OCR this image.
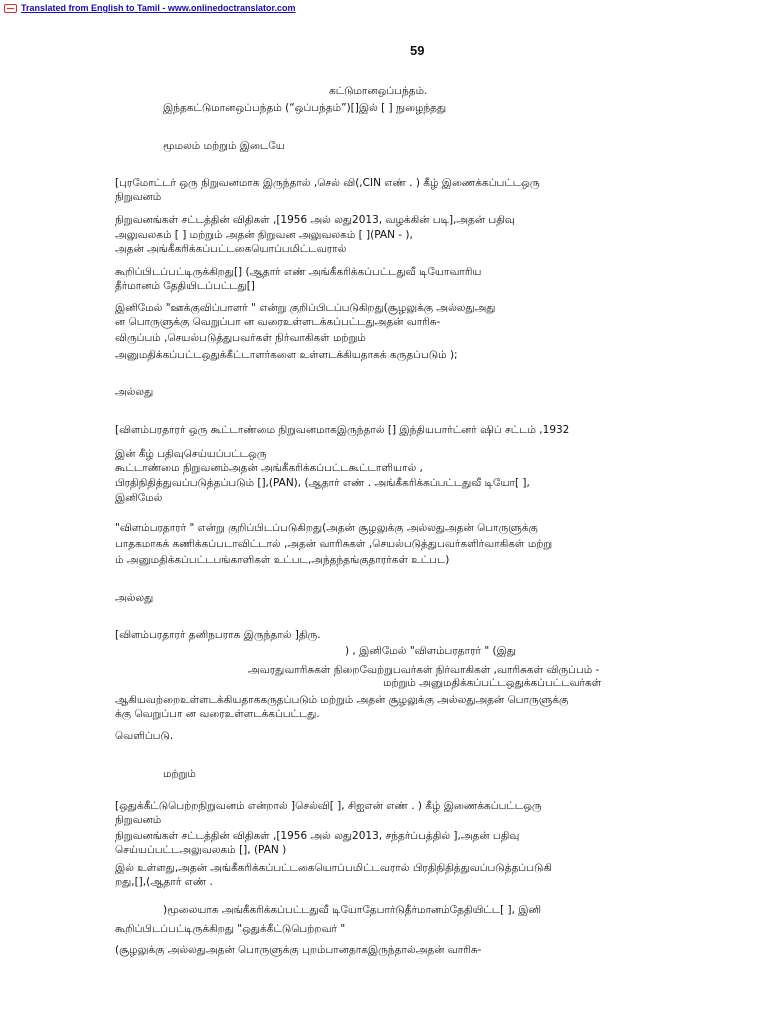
Translated from English to Tamil - www.onlinedoctranslator.com
59
கட்டுமானஒப்பந்தம்.
இந்தகட்டுமானஒப்பந்தம் (“ஒப்பந்தம்”)[]இல் [ ] நுழைந்தது
மூமலம் மற்றும் இடையே
[புரமோட்டர் ஒரு நிறுவனமாக இருந்தால் ,செல் வி(,CIN எண் . ) கீழ் இணைக்கப்பட்டஒரு
நிறுவனம்
நிறுவனங்கள் சட்டத்தின் விதிகள் ,[1956 அல் லது2013, வழக்கின் படி],அதன் பதிவு
அலுவலகம் [ ] மற்றும் அதன் நிறுவன அலுவலகம் [ ](PAN - ),
அதன் அங்கீகரிக்கப்பட்டகையொப்பமிட்டவரால்
கூறிப்பிடப்பட்டிருக்கிறது[] (ஆதார் எண் அங்கீகரிக்கப்பட்டதுவீ டியோவாரிய
தீர்மானம் தேதியிடப்பட்டது[]
இனிமேல் "ஊக்குவிப்பாளர் " என்று குறிப்பிடப்படுகிறது(சூழலுக்கு அல்லதுஅது
ன பொருளுக்கு வெறுப்பா ன வரைஉள்ளடக்கப்பட்டதுஅதன் வாரிசு-
விருப்பம் ,செயல்படுத்துபவர்கள் நிர்வாகிகள் மற்றும்
அனுமதிக்கப்பட்டஒதுக்கீட்டாளர்களை உள்ளடக்கியதாகக் கருதப்படும் );
அல்லது
[விளம்பரதாரர் ஒரு கூட்டாண்மை நிறுவனமாகஇருந்தால் [] இந்தியபார்ட்னர் ஷிப் சட்டம் ,1932
இன் கீழ் பதிவுசெய்யப்பட்டஒரு
கூட்டாண்மை நிறுவனம்அதன் அங்கீகரிக்கப்பட்டகூட்டாளியால் ,
பிரதிநிதித்துவப்படுத்தப்படும் [],(PAN), (ஆதார் எண் . அங்கீகரிக்கப்பட்டதுவீ டியோ[ ],
இனிமேல்
"விளம்பரதாரர் " என்று குறிப்பிடப்படுகிறது(அதன் சூழலுக்கு அல்லதுஅதன் பொருளுக்கு
பாதகமாகக் கணிக்கப்படாவிட்டால் ,அதன் வாரிசுகள் ,செயல்படுத்துபவர்களிர்வாகிகள் மற்று
ம் அனுமதிக்கப்பட்டபங்காளிகள் உட்பட,அந்தந்தங்குதாரர்கள் உட்பட)
அல்லது
[விளம்பரதாரர் தனிநபராக இருந்தால் ]திரு.
) , இனிமேல் "விளம்பரதாரர் " (இது
அவரதுவாரிசுகள் நிறைவேற்றுபவர்கள் நிர்வாகிகள் ,வாரிசுகள் விருப்பம் -
மற்றும் அனுமதிக்கப்பட்டஒதுக்கப்பட்டவர்கள்
ஆகியவற்றைஉள்ளடக்கியதாககருதப்படும் மற்றும் அதன் சூழலுக்கு அல்லதுஅதன் பொருளுக்கு
க்கு வெறுப்பா ன வரைஉள்ளடக்கப்பட்டது.
வெளிப்படு.
மற்றும்
[ஒதுக்கீட்டுபெற்றநிறுவனம் என்றால் ]செல்வி[ ], சிஐஎன் எண் . ) கீழ் இணைக்கப்பட்டஒரு
நிறுவனம்
நிறுவனங்கள் சட்டத்தின் விதிகள் ,[1956 அல் லது2013, சந்தர்ப்பத்தில் ],அதன் பதிவு
செய்யப்பட்டஅலுவலகம் [], (PAN )
இல் உள்ளது,அதன் அங்கீகரிக்கப்பட்டகையொப்பமிட்டவரால் பிரதிநிதித்துவப்படுத்தப்படுகி
றது,[],(ஆதார் எண் .
)மூலையாக அங்கீகரிக்கப்பட்டதுவீ டியோதேபார்டுதீர்மானம்தேதியிட்ட[ ], இனி
கூறிப்பிடப்பட்டிருக்கிறது "ஒதுக்கீட்டுபெற்றவர் "
(சூழலுக்கு அல்லதுஅதன் பொருளுக்கு புறம்பானதாகஇருந்தால்அதன் வாரிசு-
